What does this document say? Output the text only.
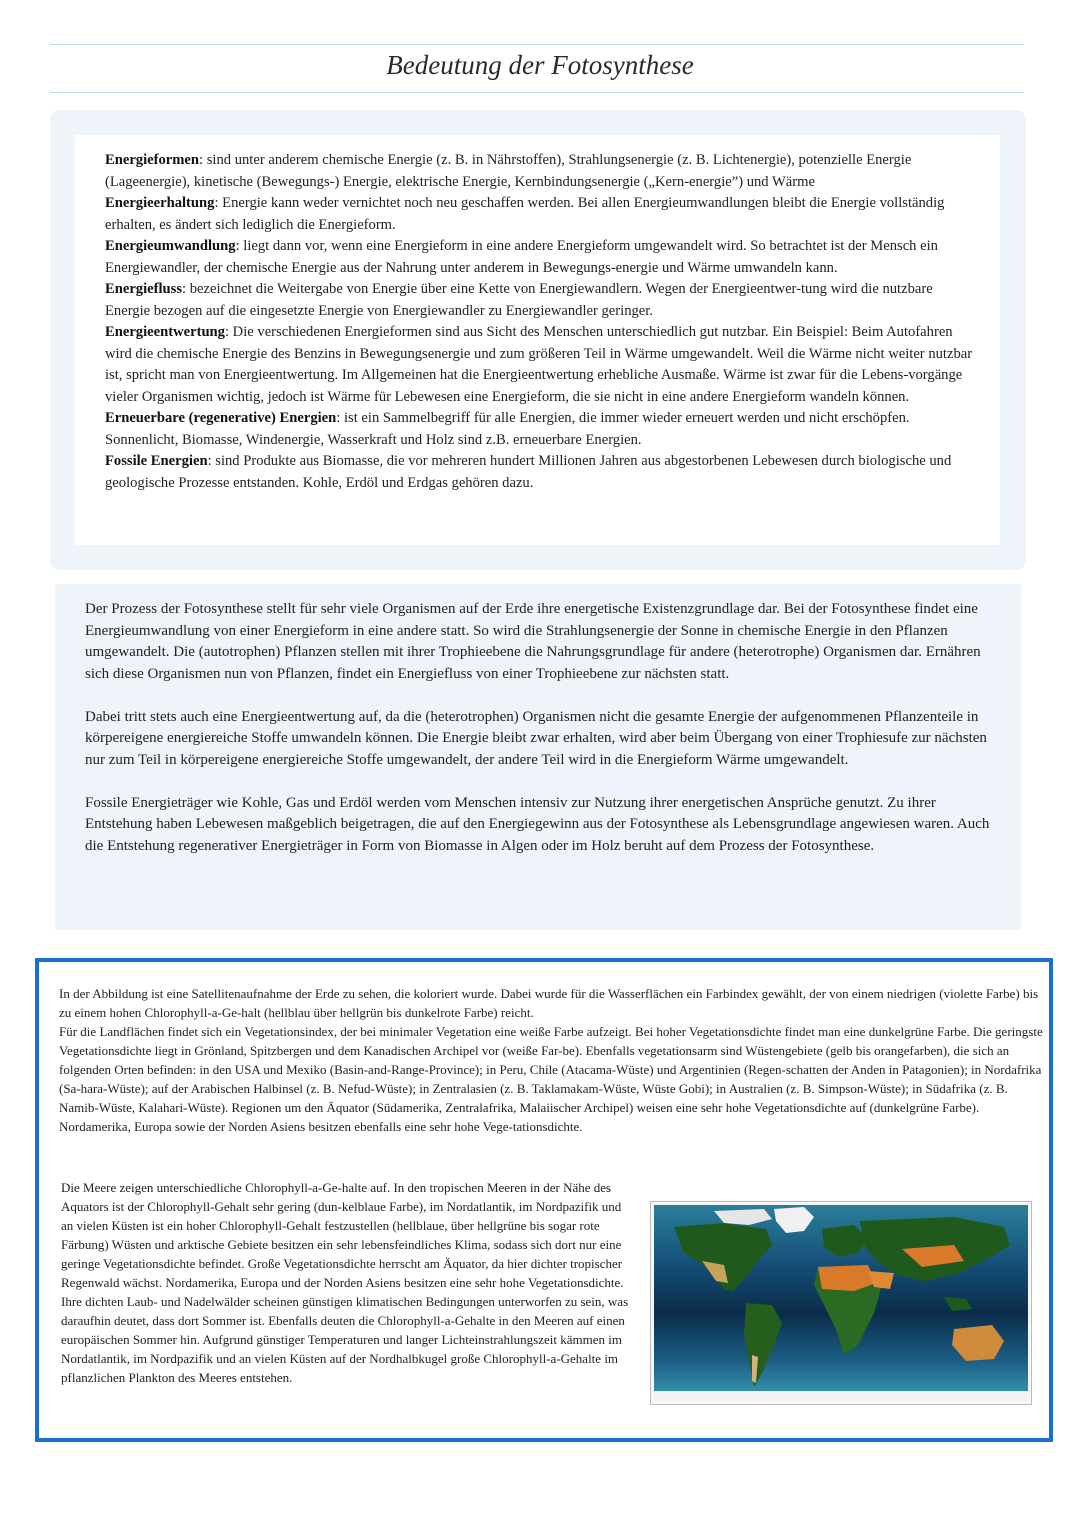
Bedeutung der Fotosynthese

Energieformen: sind unter anderem chemische Energie (z. B. in Nährstoffen), Strahlungsenergie (z. B. Lichtenergie), potenzielle Energie (Lageenergie), kinetische (Bewegungs-) Energie, elektrische Energie, Kernbindungsenergie („Kern-energie”) und Wärme

Energieerhaltung: Energie kann weder vernichtet noch neu geschaffen werden. Bei allen Energieumwandlungen bleibt die Energie vollständig erhalten, es ändert sich lediglich die Energieform.

Energieumwandlung: liegt dann vor, wenn eine Energieform in eine andere Energieform umgewandelt wird. So betrachtet ist der Mensch ein Energiewandler, der chemische Energie aus der Nahrung unter anderem in Bewegungs-energie und Wärme umwandeln kann.

Energiefluss: bezeichnet die Weitergabe von Energie über eine Kette von Energiewandlern. Wegen der Energieentwer-tung wird die nutzbare Energie bezogen auf die eingesetzte Energie von Energiewandler zu Energiewandler geringer.

Energieentwertung: Die verschiedenen Energieformen sind aus Sicht des Menschen unterschiedlich gut nutzbar. Ein Beispiel: Beim Autofahren wird die chemische Energie des Benzins in Bewegungsenergie und zum größeren Teil in Wärme umgewandelt. Weil die Wärme nicht weiter nutzbar ist, spricht man von Energieentwertung. Im Allgemeinen hat die Energieentwertung erhebliche Ausmaße. Wärme ist zwar für die Lebens-vorgänge vieler Organismen wichtig, jedoch ist Wärme für Lebewesen eine Energieform, die sie nicht in eine andere Energieform wandeln können.

Erneuerbare (regenerative) Energien: ist ein Sammelbegriff für alle Energien, die immer wieder erneuert werden und nicht erschöpfen. Sonnenlicht, Biomasse, Windenergie, Wasserkraft und Holz sind z.B. erneuerbare Energien.

Fossile Energien: sind Produkte aus Biomasse, die vor mehreren hundert Millionen Jahren aus abgestorbenen Lebewesen durch biologische und geologische Prozesse entstanden. Kohle, Erdöl und Erdgas gehören dazu.

Der Prozess der Fotosynthese stellt für sehr viele Organismen auf der Erde ihre energetische Existenzgrundlage dar. Bei der Fotosynthese findet eine Energieumwandlung von einer Energieform in eine andere statt. So wird die Strahlungsenergie der Sonne in chemische Energie in den Pflanzen umgewandelt. Die (autotrophen) Pflanzen stellen mit ihrer Trophieebene die Nahrungsgrundlage für andere (heterotrophe) Organismen dar. Ernähren sich diese Organismen nun von Pflanzen, findet ein Energiefluss von einer Trophieebene zur nächsten statt.

Dabei tritt stets auch eine Energieentwertung auf, da die (heterotrophen) Organismen nicht die gesamte Energie der aufgenommenen Pflanzenteile in körpereigene energiereiche Stoffe umwandeln können. Die Energie bleibt zwar erhalten, wird aber beim Übergang von einer Trophiesufe zur nächsten nur zum Teil in körpereigene energiereiche Stoffe umgewandelt, der andere Teil wird in die Energieform Wärme umgewandelt.

Fossile Energieträger wie Kohle, Gas und Erdöl werden vom Menschen intensiv zur Nutzung ihrer energetischen Ansprüche genutzt. Zu ihrer Entstehung haben Lebewesen maßgeblich beigetragen, die auf den Energiegewinn aus der Fotosynthese als Lebensgrundlage angewiesen waren. Auch die Entstehung regenerativer Energieträger in Form von Biomasse in Algen oder im Holz beruht auf dem Prozess der Fotosynthese.

In der Abbildung ist eine Satellitenaufnahme der Erde zu sehen, die koloriert wurde. Dabei wurde für die Wasserflächen ein Farbindex gewählt, der von einem niedrigen (violette Farbe) bis zu einem hohen Chlorophyll-a-Ge-halt (hellblau über hellgrün bis dunkelrote Farbe) reicht.

Für die Landflächen findet sich ein Vegetationsindex, der bei minimaler Vegetation eine weiße Farbe aufzeigt. Bei hoher Vegetationsdichte findet man eine dunkelgrüne Farbe. Die geringste Vegetationsdichte liegt in Grönland, Spitzbergen und dem Kanadischen Archipel vor (weiße Far-be). Ebenfalls vegetationsarm sind Wüstengebiete (gelb bis orangefarben), die sich an folgenden Orten befinden: in den USA und Mexiko (Basin-and-Range-Province); in Peru, Chile (Atacama-Wüste) und Argentinien (Regen-schatten der Anden in Patagonien); in Nordafrika (Sa-hara-Wüste); auf der Arabischen Halbinsel (z. B. Nefud-Wüste); in Zentralasien (z. B. Taklamakam-Wüste, Wüste Gobi); in Australien (z. B. Simpson-Wüste); in Südafrika (z. B. Namib-Wüste, Kalahari-Wüste). Regionen um den Äquator (Südamerika, Zentralafrika, Malaiischer Archipel) weisen eine sehr hohe Vegetationsdichte auf (dunkelgrüne Farbe). Nordamerika, Europa sowie der Norden Asiens besitzen ebenfalls eine sehr hohe Vege-tationsdichte.

Die Meere zeigen unterschiedliche Chlorophyll-a-Ge-halte auf. In den tropischen Meeren in der Nähe des Aquators ist der Chlorophyll-Gehalt sehr gering (dun-kelblaue Farbe), im Nordatlantik, im Nordpazifik und an vielen Küsten ist ein hoher Chlorophyll-Gehalt festzustellen (hellblaue, über hellgrüne bis sogar rote Färbung) Wüsten und arktische Gebiete besitzen ein sehr lebensfeindliches Klima, sodass sich dort nur eine geringe Vegetationsdichte befindet. Große Vegetationsdichte herrscht am Äquator, da hier dichter tropischer Regenwald wächst. Nordamerika, Europa und der Norden Asiens besitzen eine sehr hohe Vegetationsdichte. Ihre dichten Laub- und Nadelwälder scheinen günstigen klimatischen Bedingungen unterworfen zu sein, was daraufhin deutet, dass dort Sommer ist. Ebenfalls deuten die Chlorophyll-a-Gehalte in den Meeren auf einen europäischen Sommer hin. Aufgrund günstiger Temperaturen und langer Lichteinstrahlungszeit kämmen im Nordatlantik, im Nordpazifik und an vielen Küsten auf der Nordhalbkugel große Chlorophyll-a-Gehalte im pflanzlichen Plankton des Meeres entstehen.
